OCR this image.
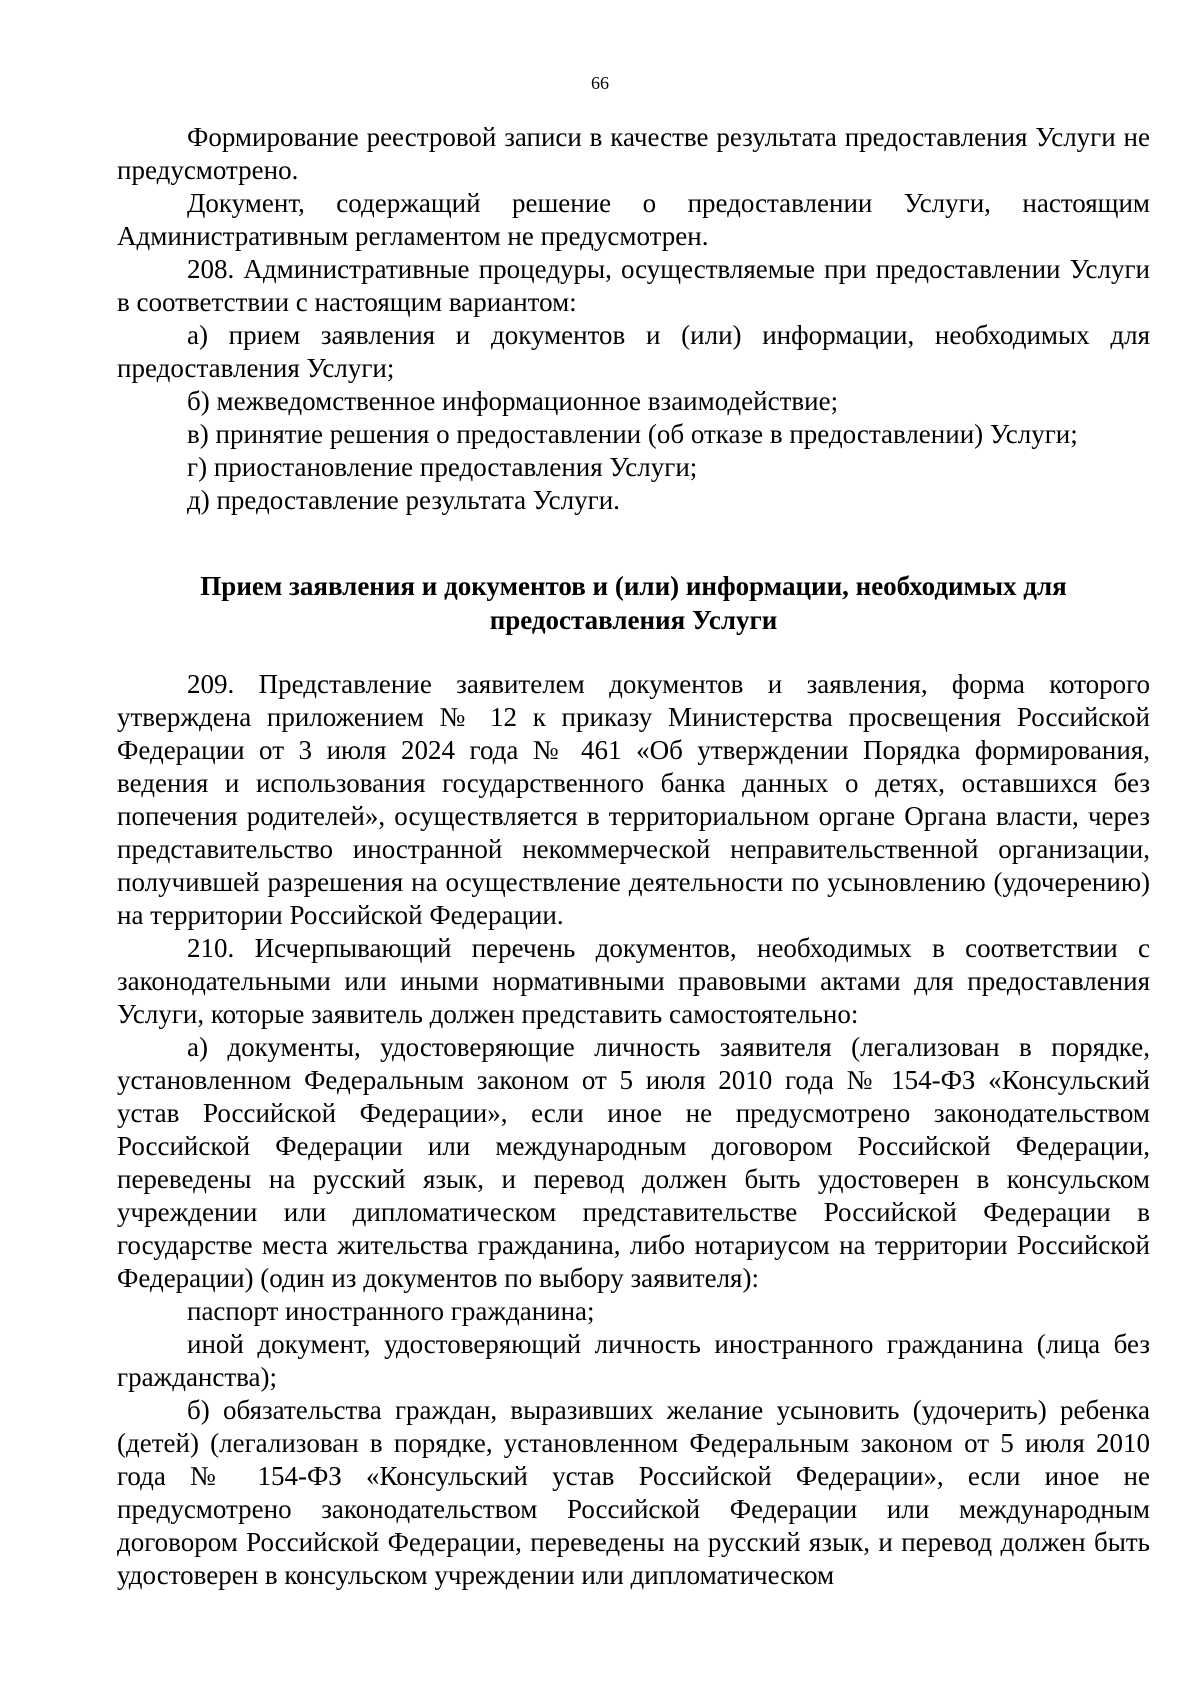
66

Формирование реестровой записи в качестве результата предоставления Услуги не предусмотрено.

Документ, содержащий решение о предоставлении Услуги, настоящим Административным регламентом не предусмотрен.

208. Административные процедуры, осуществляемые при предоставлении Услуги в соответствии с настоящим вариантом:

а) прием заявления и документов и (или) информации, необходимых для предоставления Услуги;

б) межведомственное информационное взаимодействие;

в) принятие решения о предоставлении (об отказе в предоставлении) Услуги;

г) приостановление предоставления Услуги;

д) предоставление результата Услуги.

Прием заявления и документов и (или) информации, необходимых для предоставления Услуги

209. Представление заявителем документов и заявления, форма которого утверждена приложением № 12 к приказу Министерства просвещения Российской Федерации от 3 июля 2024 года № 461 «Об утверждении Порядка формирования, ведения и использования государственного банка данных о детях, оставшихся без попечения родителей», осуществляется в территориальном органе Органа власти, через представительство иностранной некоммерческой неправительственной организации, получившей разрешения на осуществление деятельности по усыновлению (удочерению) на территории Российской Федерации.

210. Исчерпывающий перечень документов, необходимых в соответствии с законодательными или иными нормативными правовыми актами для предоставления Услуги, которые заявитель должен представить самостоятельно:

а) документы, удостоверяющие личность заявителя (легализован в порядке, установленном Федеральным законом от 5 июля 2010 года № 154-ФЗ «Консульский устав Российской Федерации», если иное не предусмотрено законодательством Российской Федерации или международным договором Российской Федерации, переведены на русский язык, и перевод должен быть удостоверен в консульском учреждении или дипломатическом представительстве Российской Федерации в государстве места жительства гражданина, либо нотариусом на территории Российской Федерации) (один из документов по выбору заявителя):

паспорт иностранного гражданина;

иной документ, удостоверяющий личность иностранного гражданина (лица без гражданства);

б) обязательства граждан, выразивших желание усыновить (удочерить) ребенка (детей) (легализован в порядке, установленном Федеральным законом от 5 июля 2010 года № 154-ФЗ «Консульский устав Российской Федерации», если иное не предусмотрено законодательством Российской Федерации или международным договором Российской Федерации, переведены на русский язык, и перевод должен быть удостоверен в консульском учреждении или дипломатическом
